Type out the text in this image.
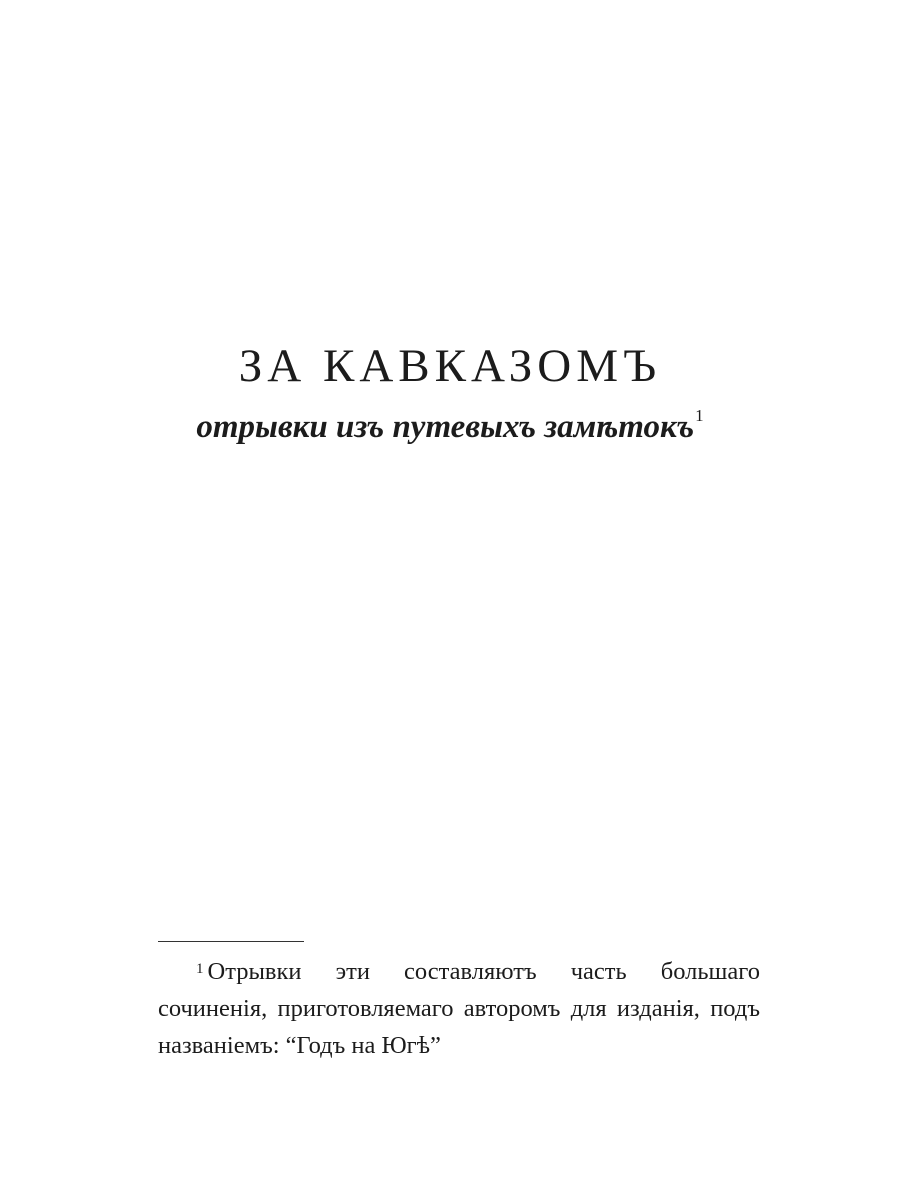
ЗА КАВКАЗОМЪ

отрывки изъ путевыхъ замѣтокъ$^1$

$^1$ Отрывки эти составляютъ часть большаго сочиненія, приготовляемаго авторомъ для изданія, подъ названіемъ: “Годъ на Югѣ”
